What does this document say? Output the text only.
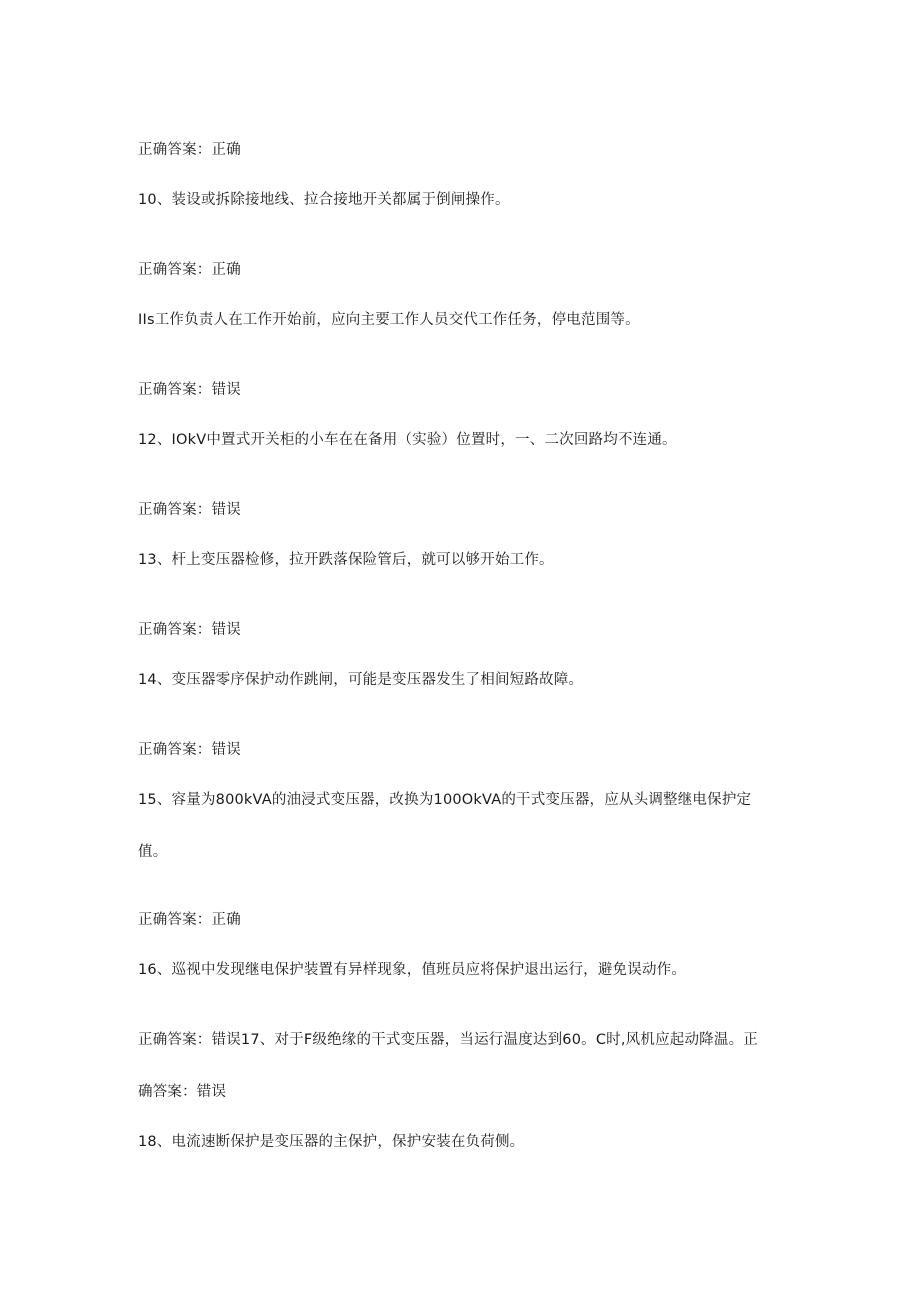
正确答案：正确
10、装设或拆除接地线、拉合接地开关都属于倒闸操作。
正确答案：正确
IIs工作负责人在工作开始前，应向主要工作人员交代工作任务，停电范围等。
正确答案：错误
12、IOkV中置式开关柜的小车在在备用（实验）位置时，一、二次回路均不连通。
正确答案：错误
13、杆上变压器检修，拉开跌落保险管后，就可以够开始工作。
正确答案：错误
14、变压器零序保护动作跳闸，可能是变压器发生了相间短路故障。
正确答案：错误
15、容量为800kVA的油浸式变压器，改换为100OkVA的干式变压器，应从头调整继电保护定
值。
正确答案：正确
16、巡视中发现继电保护装置有异样现象，值班员应将保护退出运行，避免误动作。
正确答案：错误17、对于F级绝缘的干式变压器，当运行温度达到60。C时,风机应起动降温。正
确答案：错误
18、电流速断保护是变压器的主保护，保护安装在负荷侧。
